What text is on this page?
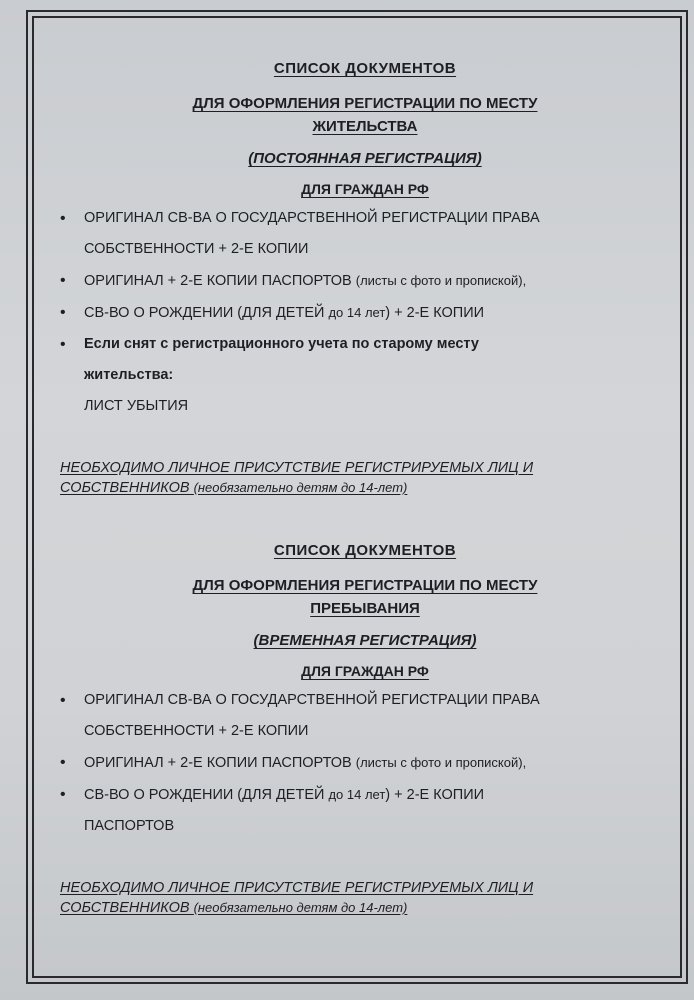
СПИСОК ДОКУМЕНТОВ
ДЛЯ ОФОРМЛЕНИЯ РЕГИСТРАЦИИ ПО МЕСТУ
ЖИТЕЛЬСТВА
(ПОСТОЯННАЯ РЕГИСТРАЦИЯ)
ДЛЯ ГРАЖДАН РФ
• ОРИГИНАЛ СВ-ВА О ГОСУДАРСТВЕННОЙ РЕГИСТРАЦИИ ПРАВА
СОБСТВЕННОСТИ + 2-Е КОПИИ
• ОРИГИНАЛ + 2-Е КОПИИ ПАСПОРТОВ (листы с фото и пропиской),
• СВ-ВО О РОЖДЕНИИ (ДЛЯ ДЕТЕЙ до 14 лет) + 2-Е КОПИИ
• Если снят с регистрационного учета по старому месту
жительства:
ЛИСТ УБЫТИЯ
НЕОБХОДИМО ЛИЧНОЕ ПРИСУТСТВИЕ РЕГИСТРИРУЕМЫХ ЛИЦ И
СОБСТВЕННИКОВ (необязательно детям до 14-лет)
СПИСОК ДОКУМЕНТОВ
ДЛЯ ОФОРМЛЕНИЯ РЕГИСТРАЦИИ ПО МЕСТУ
ПРЕБЫВАНИЯ
(ВРЕМЕННАЯ РЕГИСТРАЦИЯ)
ДЛЯ ГРАЖДАН РФ
• ОРИГИНАЛ СВ-ВА О ГОСУДАРСТВЕННОЙ РЕГИСТРАЦИИ ПРАВА
СОБСТВЕННОСТИ + 2-Е КОПИИ
• ОРИГИНАЛ + 2-Е КОПИИ ПАСПОРТОВ (листы с фото и пропиской),
• СВ-ВО О РОЖДЕНИИ (ДЛЯ ДЕТЕЙ до 14 лет) + 2-Е КОПИИ
ПАСПОРТОВ
НЕОБХОДИМО ЛИЧНОЕ ПРИСУТСТВИЕ РЕГИСТРИРУЕМЫХ ЛИЦ И
СОБСТВЕННИКОВ (необязательно детям до 14-лет)
